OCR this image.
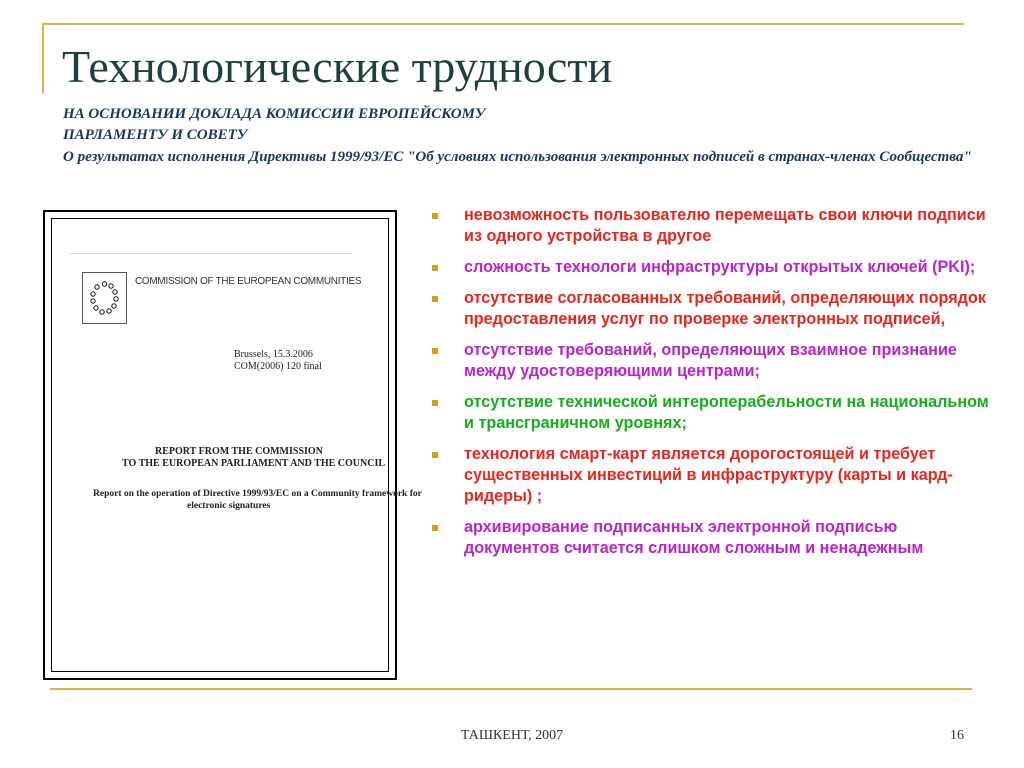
Технологические трудности
НА ОСНОВАНИИ ДОКЛАДА КОМИССИИ ЕВРОПЕЙСКОМУ
ПАРЛАМЕНТУ И СОВЕТУ
О результатах исполнения Директивы 1999/93/ЕС "Об условиях использования электронных подписей в странах-членах Сообщества"
COMMISSION OF THE EUROPEAN COMMUNITIES
Brussels, 15.3.2006
COM(2006) 120 final
REPORT FROM THE COMMISSION
TO THE EUROPEAN PARLIAMENT AND THE COUNCIL
Report on the operation of Directive 1999/93/EC on a Community framework for
electronic signatures
невозможность пользователю перемещать свои ключи подписи из одного устройства в другое
сложность технологи инфраструктуры открытых ключей (PKI);
отсутствие согласованных требований, определяющих порядок предоставления услуг по проверке электронных подписей,
отсутствие требований, определяющих взаимное признание между удостоверяющими центрами;
отсутствие технической интероперабельности на национальном и трансграничном уровнях;
технология смарт-карт является дорогостоящей и требует существенных инвестиций в инфраструктуру (карты и кард-ридеры) ;
архивирование подписанных электронной подписью документов считается слишком сложным и ненадежным
ТАШКЕНТ, 2007	16
